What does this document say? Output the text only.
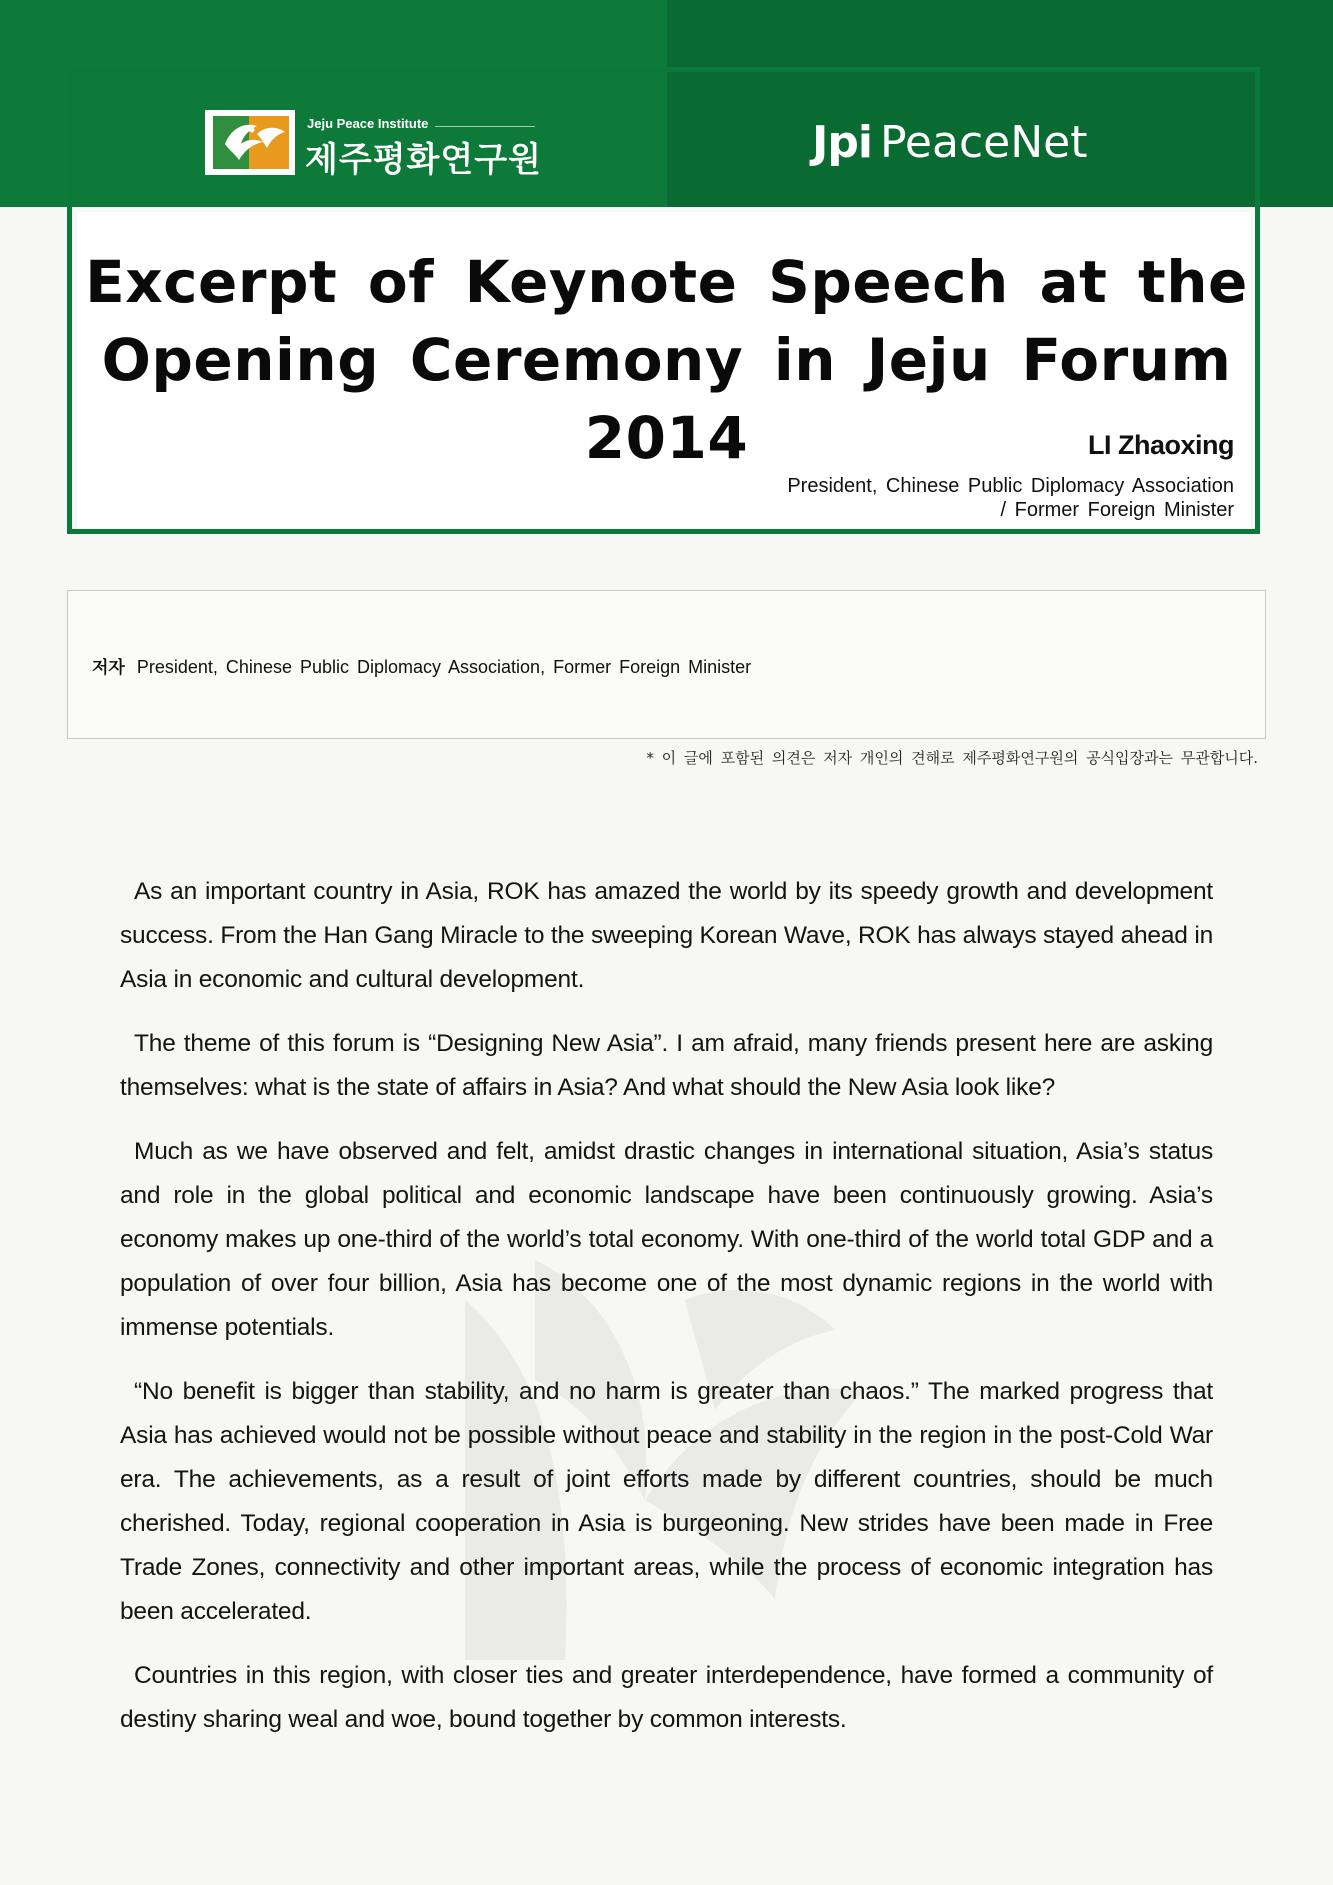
Jeju Peace Institute
제주평화연구원	Jpi PeaceNet
Excerpt of Keynote Speech at the
Opening Ceremony in Jeju Forum 2014	LI Zhaoxing
President, Chinese Public Diplomacy Association
/ Former Foreign Minister
저자 President, Chinese Public Diplomacy Association, Former Foreign Minister
* 이 글에 포함된 의견은 저자 개인의 견해로 제주평화연구원의 공식입장과는 무관합니다.

As an important country in Asia, ROK has amazed the world by its speedy growth and development success. From the Han Gang Miracle to the sweeping Korean Wave, ROK has always stayed ahead in Asia in economic and cultural development.

The theme of this forum is “Designing New Asia”. I am afraid, many friends present here are asking themselves: what is the state of affairs in Asia? And what should the New Asia look like?

Much as we have observed and felt, amidst drastic changes in international situation, Asia’s status and role in the global political and economic landscape have been continuously growing. Asia’s economy makes up one-third of the world’s total economy. With one-third of the world total GDP and a population of over four billion, Asia has become one of the most dynamic regions in the world with immense potentials.

“No benefit is bigger than stability, and no harm is greater than chaos.” The marked progress that Asia has achieved would not be possible without peace and stability in the region in the post-Cold War era. The achievements, as a result of joint efforts made by different countries, should be much cherished. Today, regional cooperation in Asia is burgeoning. New strides have been made in Free Trade Zones, connectivity and other important areas, while the process of economic integration has been accelerated.

Countries in this region, with closer ties and greater interdependence, have formed a community of destiny sharing weal and woe, bound together by common interests.
